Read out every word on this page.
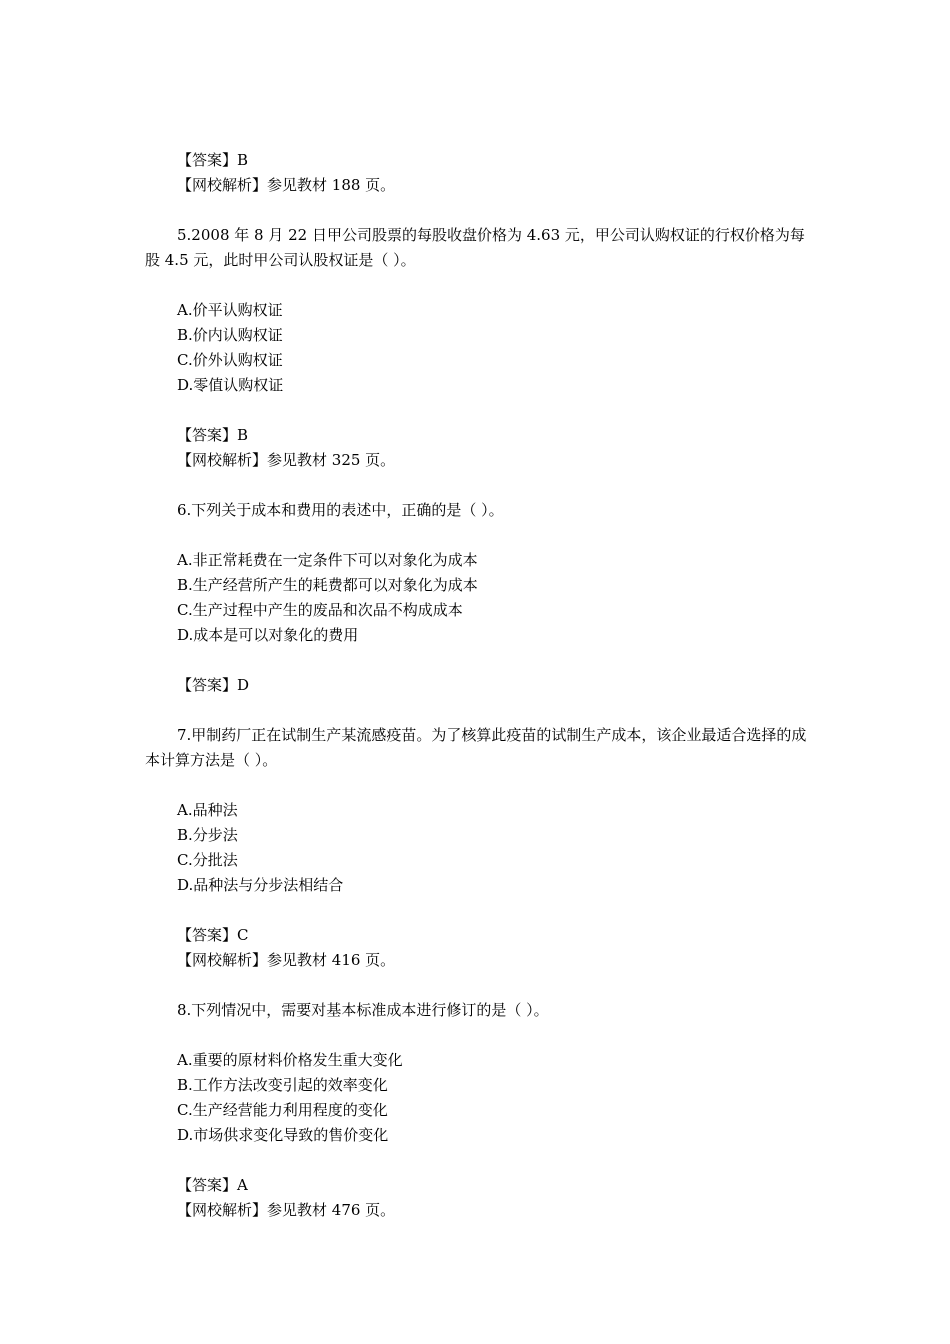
【答案】B
【网校解析】参见教材 188 页。
5.2008 年 8 月 22 日甲公司股票的每股收盘价格为 4.63 元，甲公司认购权证的行权价格为每股 4.5 元，此时甲公司认股权证是（ ）。
A.价平认购权证
B.价内认购权证
C.价外认购权证
D.零值认购权证
【答案】B
【网校解析】参见教材 325 页。
6.下列关于成本和费用的表述中，正确的是（ ）。
A.非正常耗费在一定条件下可以对象化为成本
B.生产经营所产生的耗费都可以对象化为成本
C.生产过程中产生的废品和次品不构成成本
D.成本是可以对象化的费用
【答案】D
7.甲制药厂正在试制生产某流感疫苗。为了核算此疫苗的试制生产成本，该企业最适合选择的成本计算方法是（ ）。
A.品种法
B.分步法
C.分批法
D.品种法与分步法相结合
【答案】C
【网校解析】参见教材 416 页。
8.下列情况中，需要对基本标准成本进行修订的是（ ）。
A.重要的原材料价格发生重大变化
B.工作方法改变引起的效率变化
C.生产经营能力利用程度的变化
D.市场供求变化导致的售价变化
【答案】A
【网校解析】参见教材 476 页。
